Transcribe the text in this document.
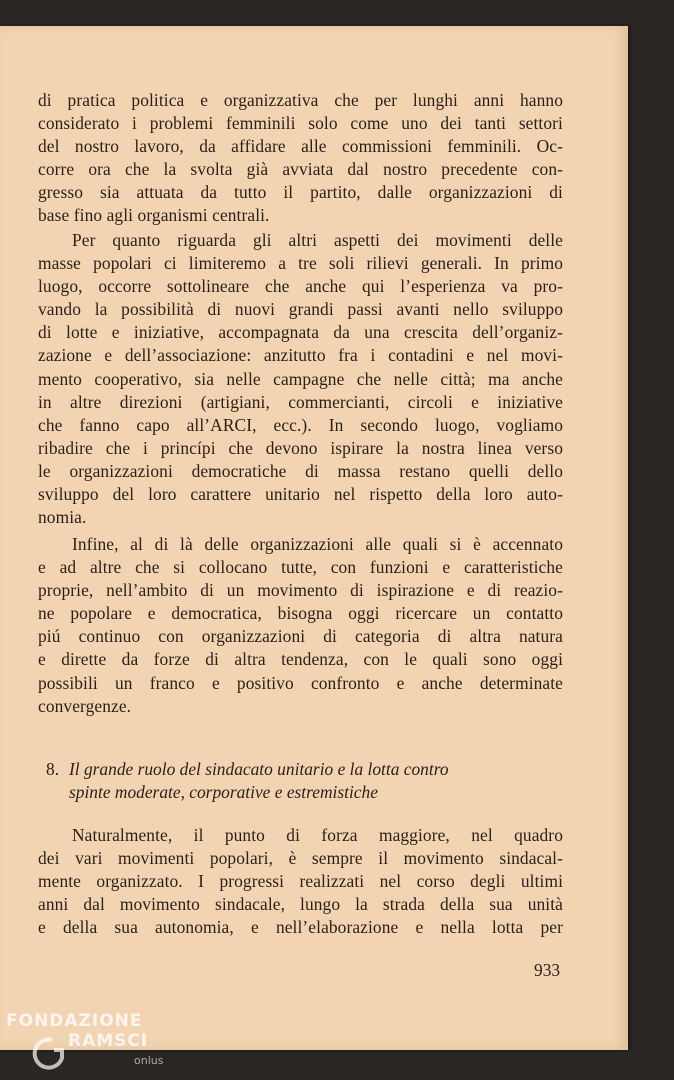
di pratica politica e organizzativa che per lunghi anni hanno
considerato i problemi femminili solo come uno dei tanti settori
del nostro lavoro, da affidare alle commissioni femminili. Oc-
corre ora che la svolta già avviata dal nostro precedente con-
gresso sia attuata da tutto il partito, dalle organizzazioni di
base fino agli organismi centrali.
Per quanto riguarda gli altri aspetti dei movimenti delle
masse popolari ci limiteremo a tre soli rilievi generali. In primo
luogo, occorre sottolineare che anche qui l’esperienza va pro-
vando la possibilità di nuovi grandi passi avanti nello sviluppo
di lotte e iniziative, accompagnata da una crescita dell’organiz-
zazione e dell’associazione: anzitutto fra i contadini e nel movi-
mento cooperativo, sia nelle campagne che nelle città; ma anche
in altre direzioni (artigiani, commercianti, circoli e iniziative
che fanno capo all’ARCI, ecc.). In secondo luogo, vogliamo
ribadire che i princípi che devono ispirare la nostra linea verso
le organizzazioni democratiche di massa restano quelli dello
sviluppo del loro carattere unitario nel rispetto della loro auto-
nomia.
Infine, al di là delle organizzazioni alle quali si è accennato
e ad altre che si collocano tutte, con funzioni e caratteristiche
proprie, nell’ambito di un movimento di ispirazione e di reazio-
ne popolare e democratica, bisogna oggi ricercare un contatto
piú continuo con organizzazioni di categoria di altra natura
e dirette da forze di altra tendenza, con le quali sono oggi
possibili un franco e positivo confronto e anche determinate
convergenze.
8. Il grande ruolo del sindacato unitario e la lotta contro
spinte moderate, corporative e estremistiche
Naturalmente, il punto di forza maggiore, nel quadro
dei vari movimenti popolari, è sempre il movimento sindacal-
mente organizzato. I progressi realizzati nel corso degli ultimi
anni dal movimento sindacale, lungo la strada della sua unità
e della sua autonomia, e nell’elaborazione e nella lotta per
933
FONDAZIONE
RAMSCI
onlus
